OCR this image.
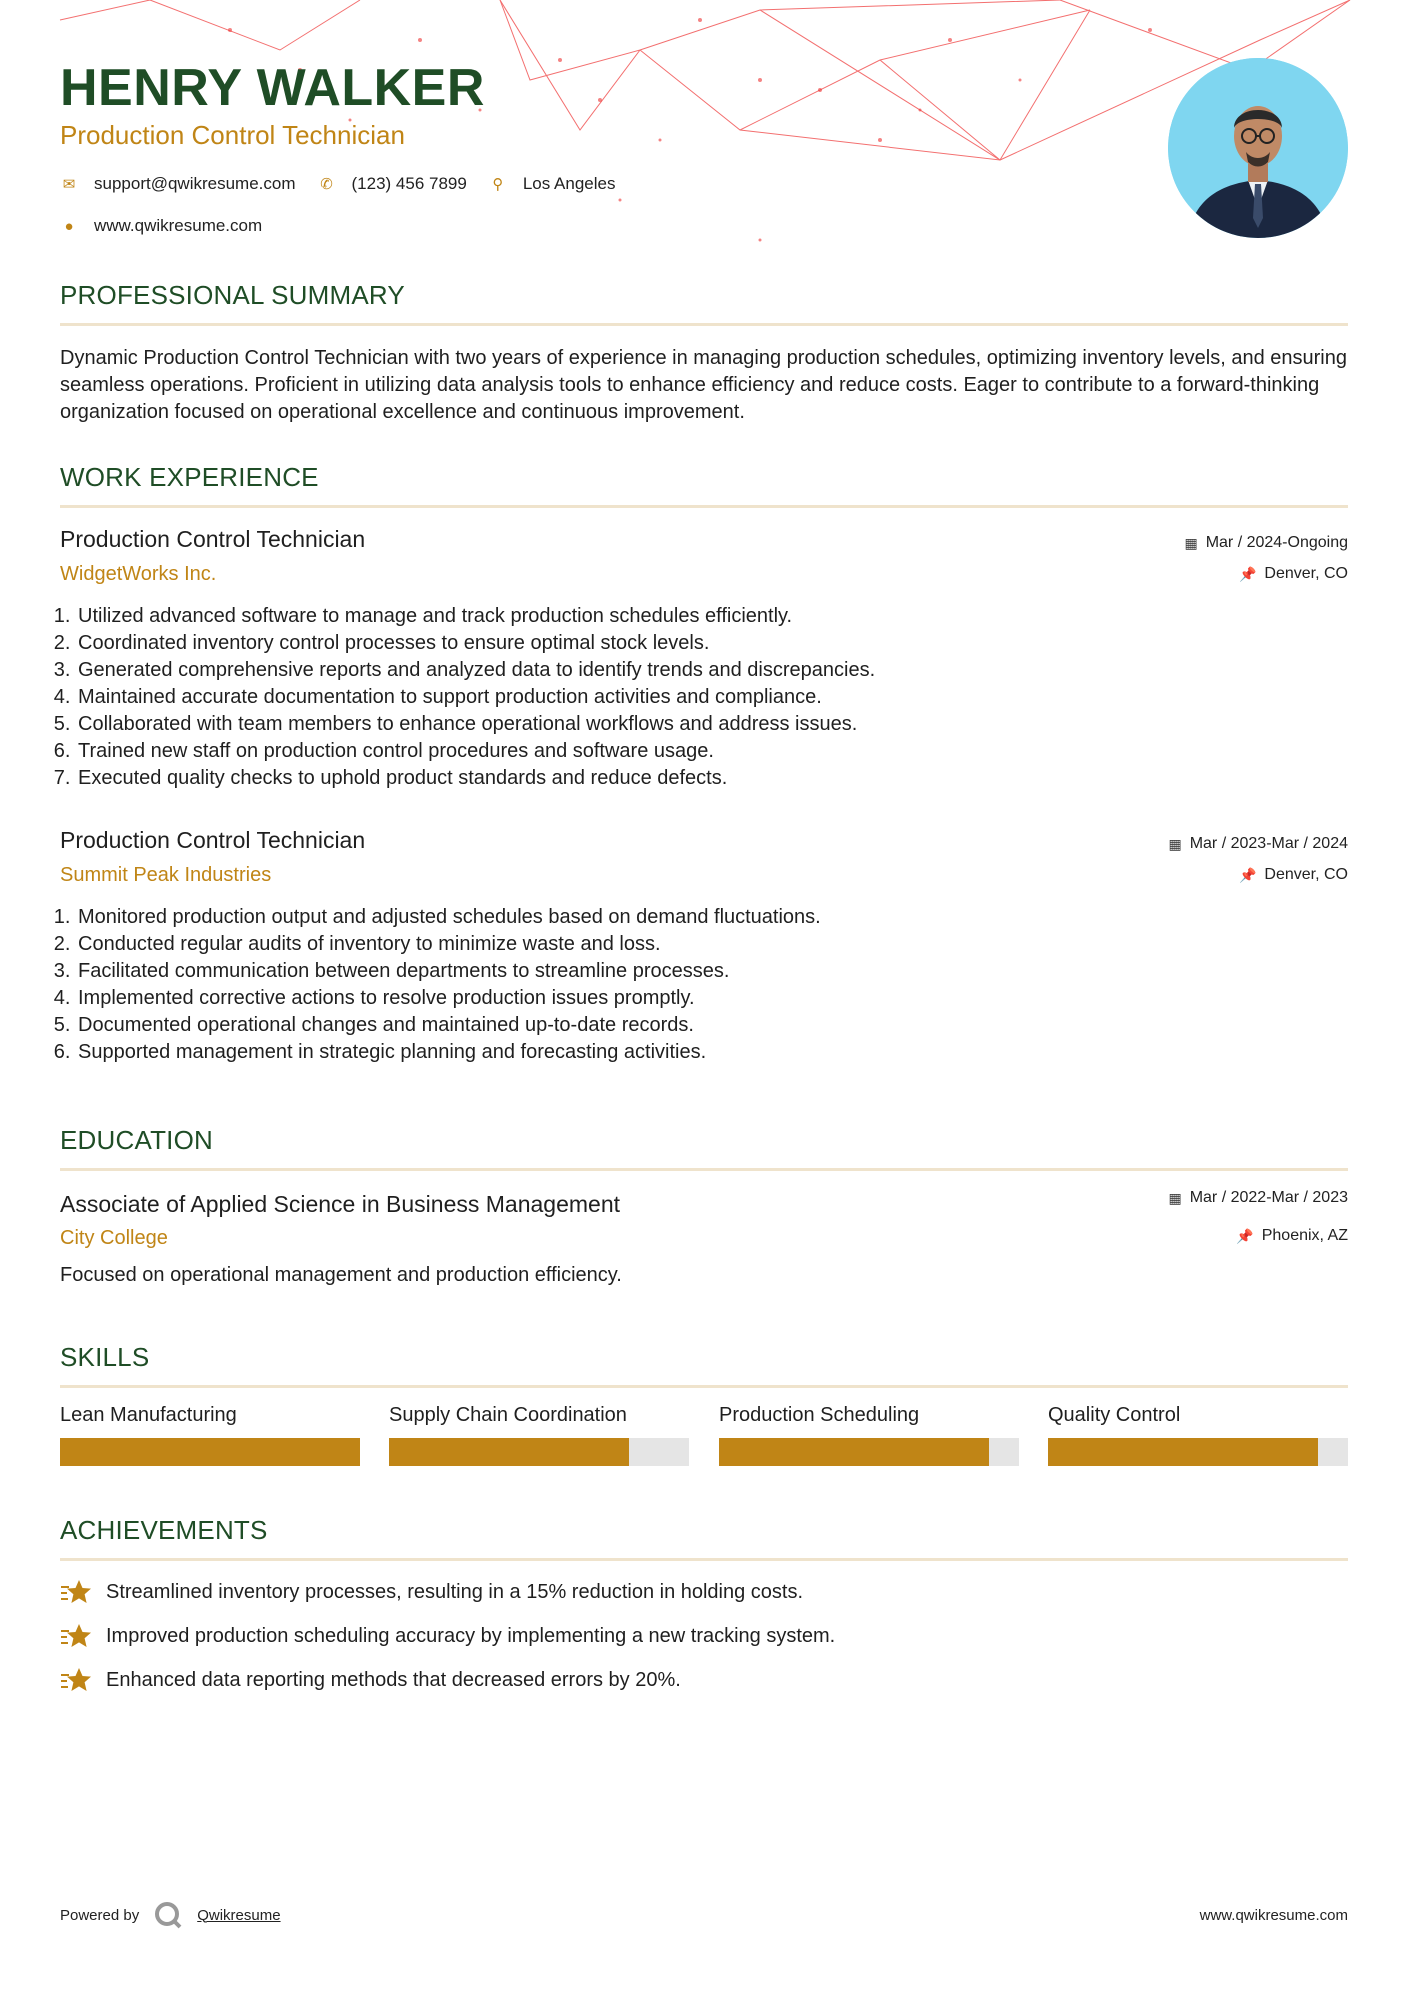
HENRY WALKER
Production Control Technician
✉ support@qwikresume.com ✆ (123) 456 7899 ⚲ Los Angeles
● www.qwikresume.com
PROFESSIONAL SUMMARY
Dynamic Production Control Technician with two years of experience in managing production schedules, optimizing inventory levels, and ensuring seamless operations. Proficient in utilizing data analysis tools to enhance efficiency and reduce costs. Eager to contribute to a forward-thinking organization focused on operational excellence and continuous improvement.
WORK EXPERIENCE
Production Control Technician
WidgetWorks Inc.
▦ Mar / 2024-Ongoing
📌 Denver, CO
1. Utilized advanced software to manage and track production schedules efficiently.
2. Coordinated inventory control processes to ensure optimal stock levels.
3. Generated comprehensive reports and analyzed data to identify trends and discrepancies.
4. Maintained accurate documentation to support production activities and compliance.
5. Collaborated with team members to enhance operational workflows and address issues.
6. Trained new staff on production control procedures and software usage.
7. Executed quality checks to uphold product standards and reduce defects.
Production Control Technician
Summit Peak Industries
▦ Mar / 2023-Mar / 2024
📌 Denver, CO
1. Monitored production output and adjusted schedules based on demand fluctuations.
2. Conducted regular audits of inventory to minimize waste and loss.
3. Facilitated communication between departments to streamline processes.
4. Implemented corrective actions to resolve production issues promptly.
5. Documented operational changes and maintained up-to-date records.
6. Supported management in strategic planning and forecasting activities.
EDUCATION
Associate of Applied Science in Business Management
City College
▦ Mar / 2022-Mar / 2023
📌 Phoenix, AZ
Focused on operational management and production efficiency.
SKILLS
Lean Manufacturing	Supply Chain Coordination	Production Scheduling	Quality Control
ACHIEVEMENTS
Streamlined inventory processes, resulting in a 15% reduction in holding costs.
Improved production scheduling accuracy by implementing a new tracking system.
Enhanced data reporting methods that decreased errors by 20%.
Powered by	Qwikresume	www.qwikresume.com
